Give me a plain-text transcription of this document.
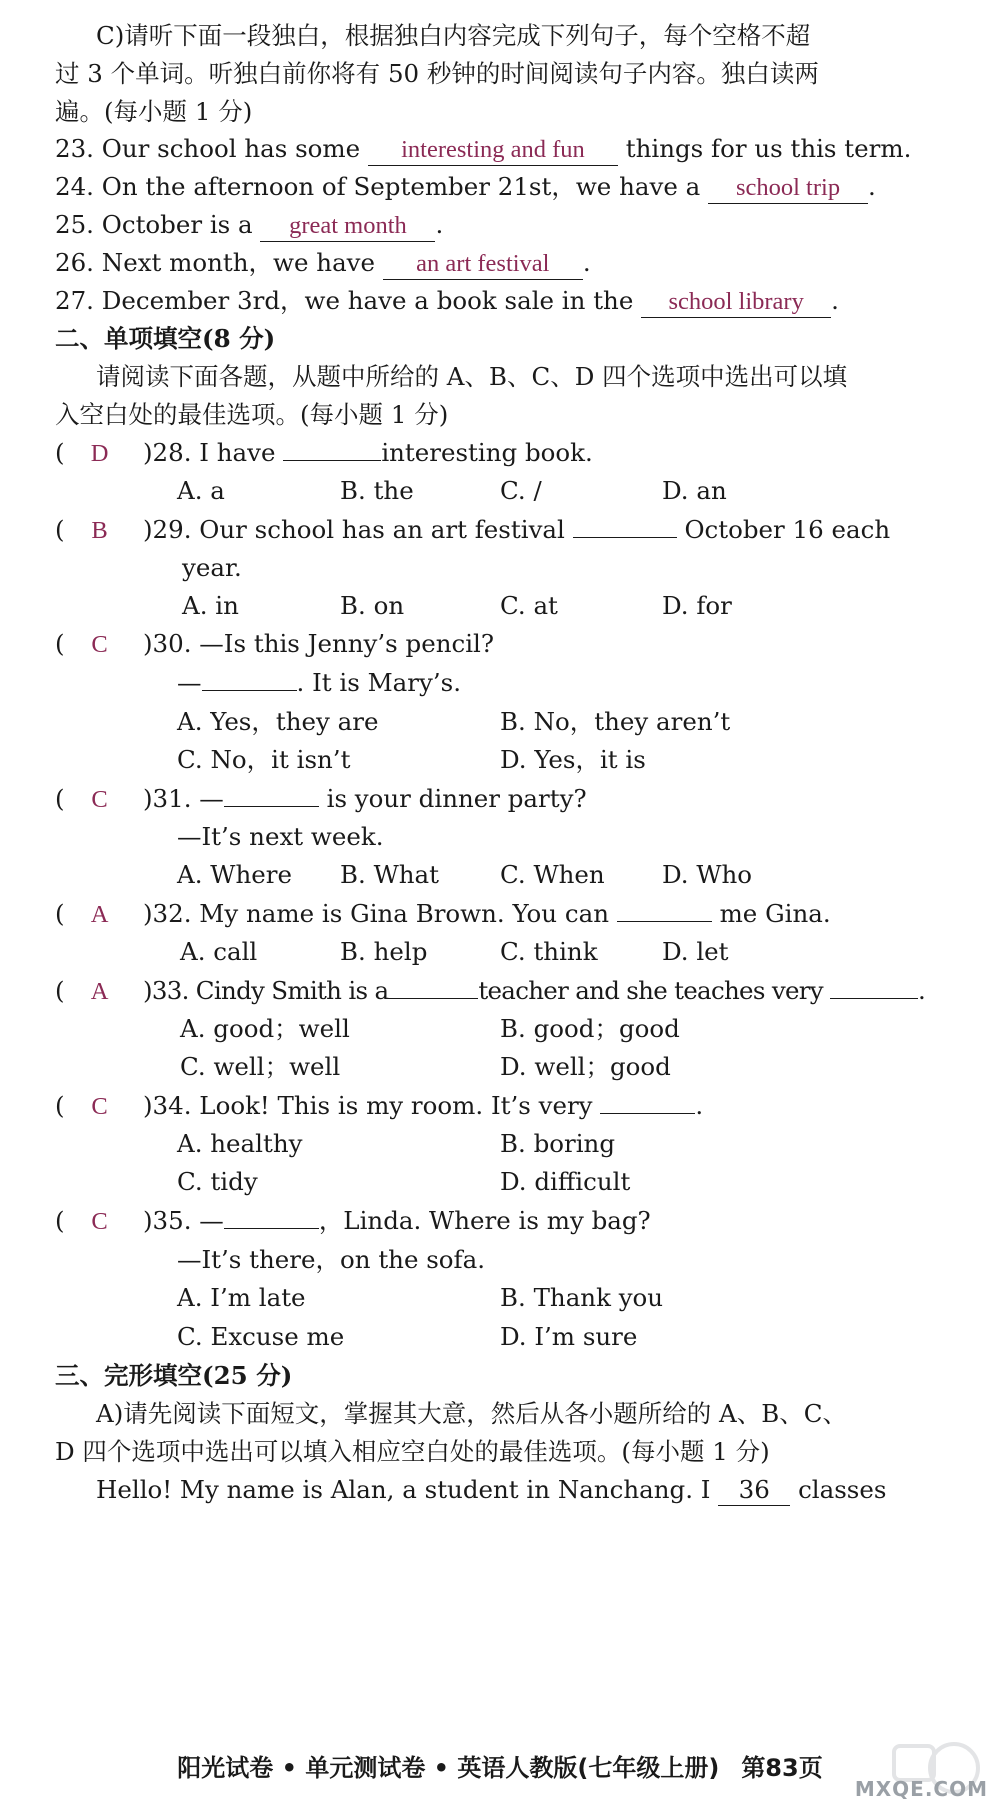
C)请听下面一段独白，根据独白内容完成下列句子，每个空格不超
过 3 个单词。听独白前你将有 50 秒钟的时间阅读句子内容。独白读两
遍。(每小题 1 分)
23. Our school has some interesting and fun things for us this term.
24. On the afternoon of September 21st，we have a school trip .
25. October is a great month .
26. Next month，we have an art festival .
27. December 3rd，we have a book sale in the school library .
二、单项填空(8 分)
请阅读下面各题，从题中所给的 A、B、C、D 四个选项中选出可以填
入空白处的最佳选项。(每小题 1 分)
( D )28. I have	interesting book.
A. a	B. the	C. /	D. an
( B )29. Our school has an art festival	October 16 each
year.
A. in	B. on	C. at	D. for
( C )30. —Is this Jenny’s pencil?
—	. It is Mary’s.
A. Yes，they are	B. No，they aren’t
C. No，it isn’t	D. Yes，it is
( C )31. —	is your dinner party?
—It’s next week.
A. Where B. What C. When D. Who
( A )32. My name is Gina Brown. You can	me Gina.
A. call	B. help	C. think	D. let
( A )33. Cindy Smith is a	teacher and she teaches very	.
A. good；well	B. good；good
C. well；well	D. well；good
( C )34. Look! This is my room. It’s very	.
A. healthy	B. boring
C. tidy	D. difficult
( C )35. —	，Linda. Where is my bag?
—It’s there，on the sofa.
A. I’m late	B. Thank you
C. Excuse me	D. I’m sure
三、完形填空(25 分)
A)请先阅读下面短文，掌握其大意，然后从各小题所给的 A、B、C、
D 四个选项中选出可以填入相应空白处的最佳选项。(每小题 1 分)
Hello! My name is Alan, a student in Nanchang. I 36 classes
阳光试卷 • 单元测试卷 • 英语人教版(七年级上册) 第83页
MXQE.COM
